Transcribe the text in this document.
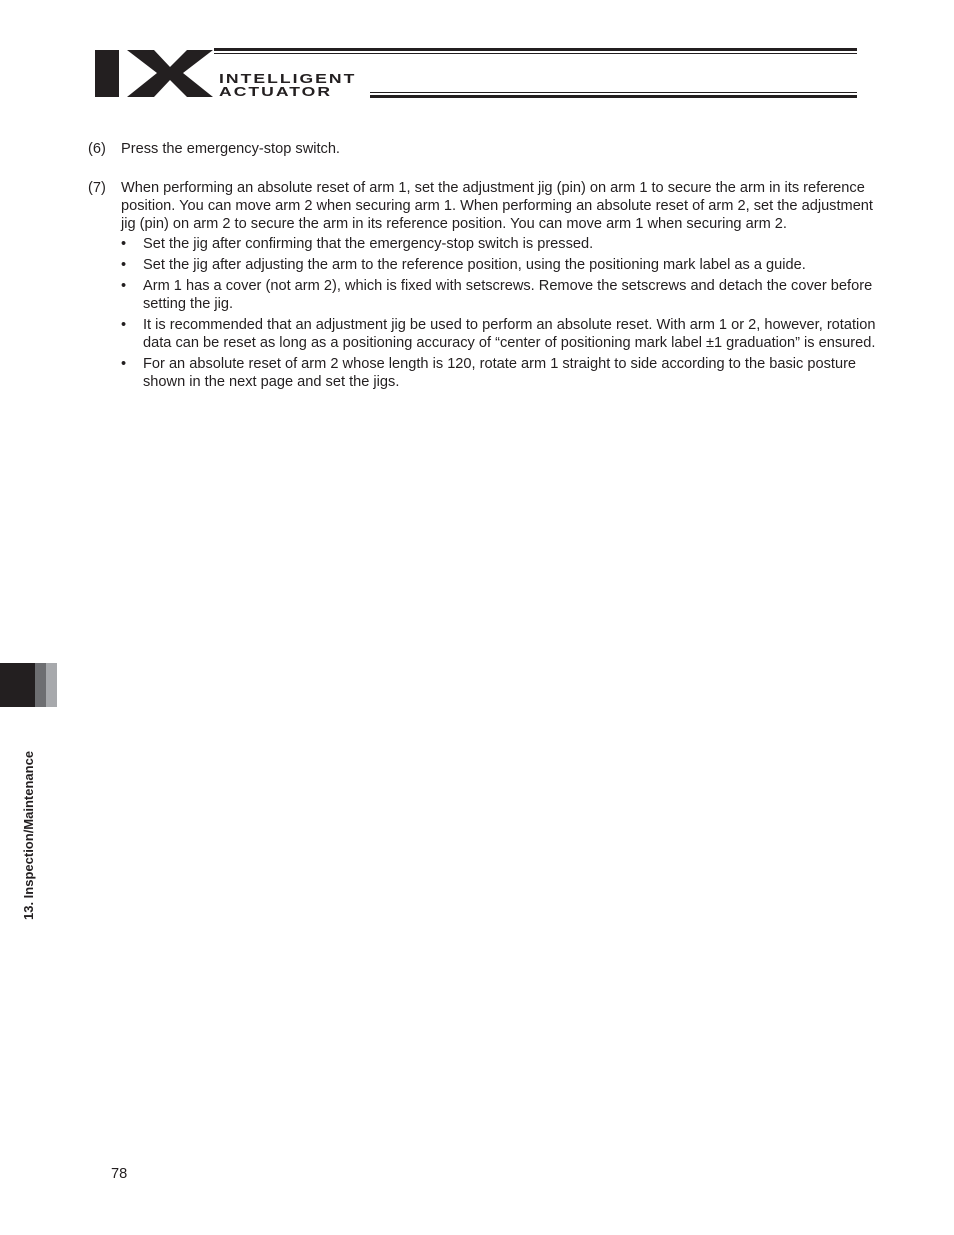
INTELLIGENT
ACTUATOR
(6) Press the emergency-stop switch.
(7) When performing an absolute reset of arm 1, set the adjustment jig (pin) on arm 1 to secure the arm in its reference position. You can move arm 2 when securing arm 1. When performing an absolute reset of arm 2, set the adjustment jig (pin) on arm 2 to secure the arm in its reference position. You can move arm 1 when securing arm 2.
• Set the jig after confirming that the emergency-stop switch is pressed.
• Set the jig after adjusting the arm to the reference position, using the positioning mark label as a guide.
• Arm 1 has a cover (not arm 2), which is fixed with setscrews. Remove the setscrews and detach the cover before setting the jig.
• It is recommended that an adjustment jig be used to perform an absolute reset. With arm 1 or 2, however, rotation data can be reset as long as a positioning accuracy of “center of positioning mark label ±1 graduation” is ensured.
• For an absolute reset of arm 2 whose length is 120, rotate arm 1 straight to side according to the basic posture shown in the next page and set the jigs.
13. Inspection/Maintenance
78
